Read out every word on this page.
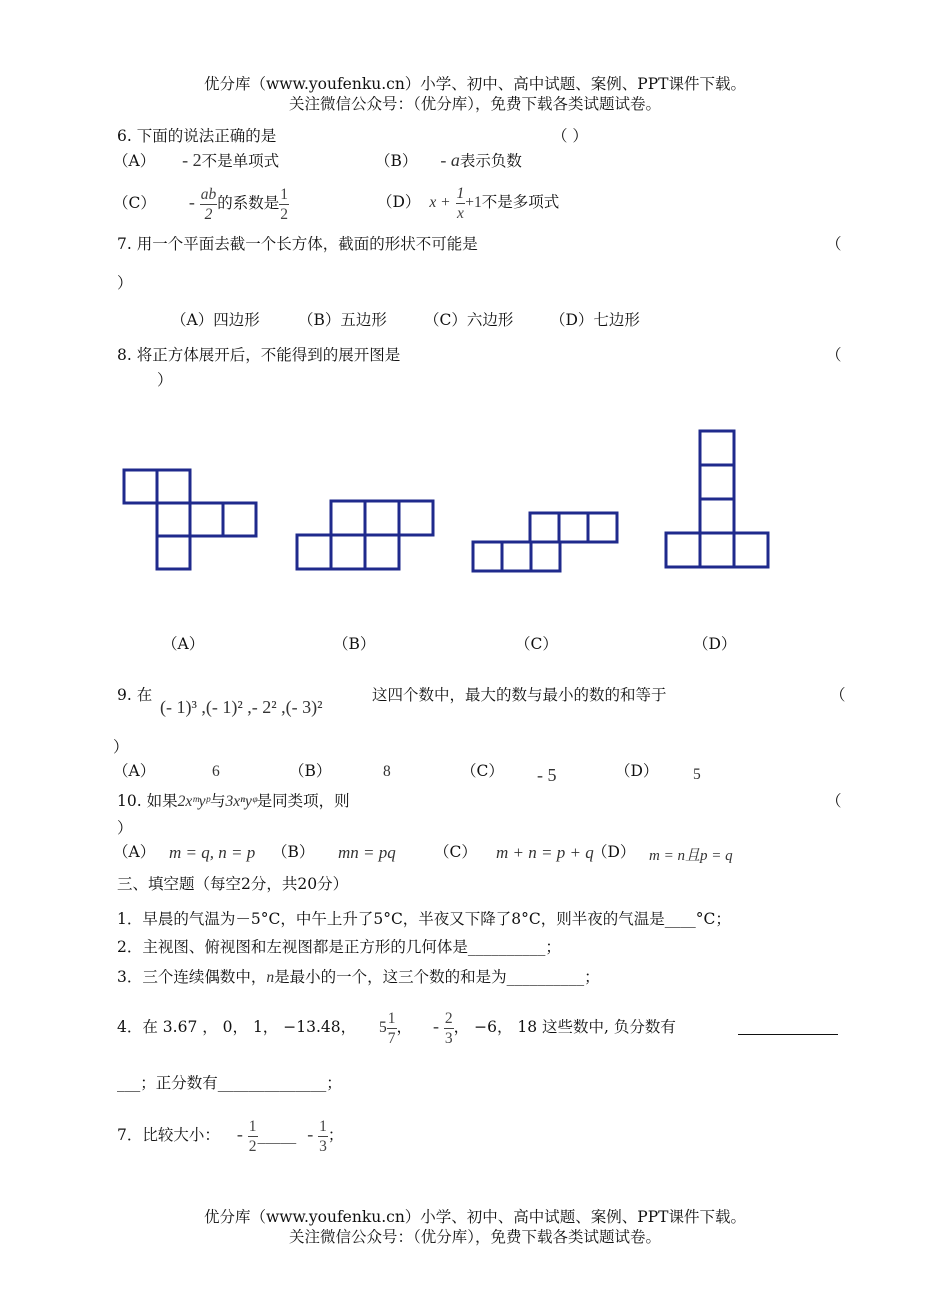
优分库（www.youfenku.cn）小学、初中、高中试题、案例、PPT课件下载。
关注微信公众号：（优分库），免费下载各类试题试卷。
6. 下面的说法正确的是	（ ）
（A） - 2不是单项式	（B） - a表示负数
$(C) - \frac{ab}{2}$ 的系数是 $\frac{1}{2}$	（D） $x + \frac{1}{x} +1$不是多项式
7. 用一个平面去截一个长方体，截面的形状不可能是	（
）
（A）四边形 （B）五边形 （C）六边形 （D）七边形
8. 将正方体展开后，不能得到的展开图是	（
）
（A）	（B）	（C）	（D）
9. 在
(- 1)³ ,(- 1)² ,- 2² ,(- 3)²
这四个数中，最大的数与最小的数的和等于	（
）
（A）	6	（B）	8	（C） - 5	（D） 5
10. 如果2xᵐyᵖ与3xⁿyᵠ是同类项，则	（
）
（A） m = q, n = p （B） mn = pq （C） m + n = p + q
（D） m = n且p = q
三、填空题（每空2分，共20分）
1．早晨的气温为－5°C，中午上升了5°C，半夜又下降了8°C，则半夜的气温是____°C；
2．主视图、俯视图和左视图都是正方形的几何体是__________；
3．三个连续偶数中，n是最小的一个，这三个数的和是为__________；
4．在 3.67 ， 0， 1， −13.48， $5 \frac{1}{7}$ ， - $\frac{2}{3}$ ， −6， 18 这些数中, 负分数有
___；正分数有______________；
7．比较大小： - $\frac{1}{2}$ _____ - $\frac{1}{3}$ ；
优分库（www.youfenku.cn）小学、初中、高中试题、案例、PPT课件下载。
关注微信公众号：（优分库），免费下载各类试题试卷。
